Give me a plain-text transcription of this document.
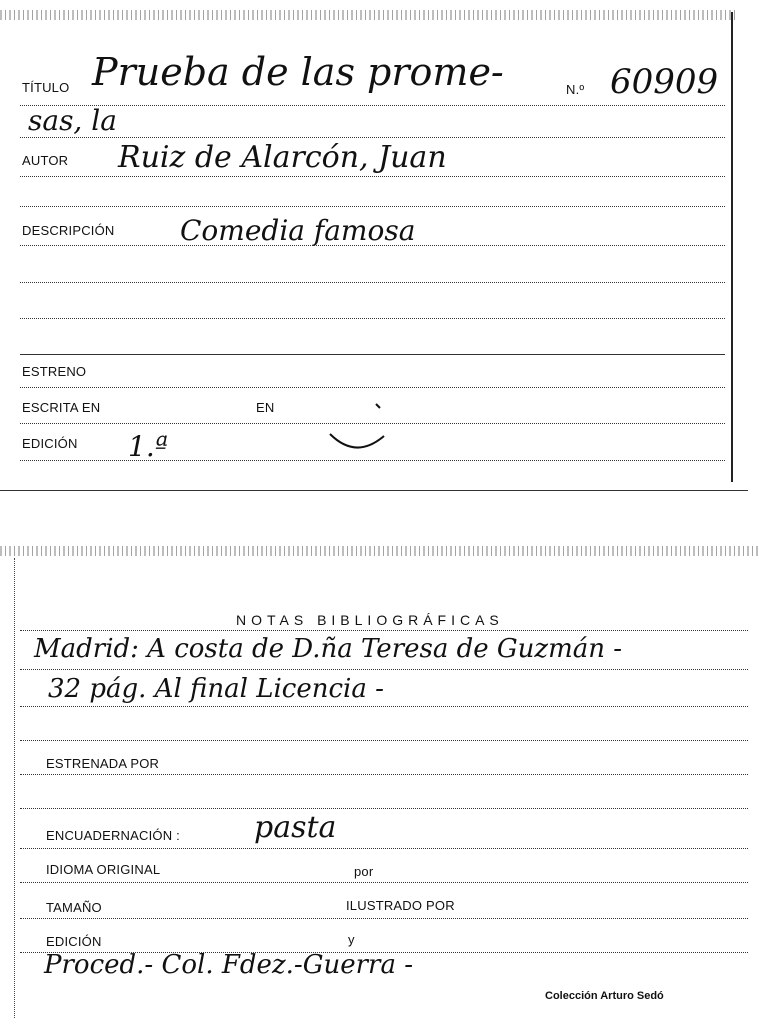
TÍTULO Prueba de las prome-	N.º 60909
sas, la
AUTOR Ruiz de Alarcón, Juan
DESCRIPCIÓN Comedia famosa
ESTRENO
ESCRITA EN	EN
EDICIÓN 1.ª
NOTAS BIBLIOGRÁFICAS
Madrid: A costa de D.ña Teresa de Guzmán -
32 pág. Al final Licencia -
ESTRENADA POR
ENCUADERNACIÓN : pasta
IDIOMA ORIGINAL	por
TAMAÑO	ILUSTRADO POR
EDICIÓN	y
Proced.- Col. Fdez.-Guerra -
Colección Arturo Sedó
